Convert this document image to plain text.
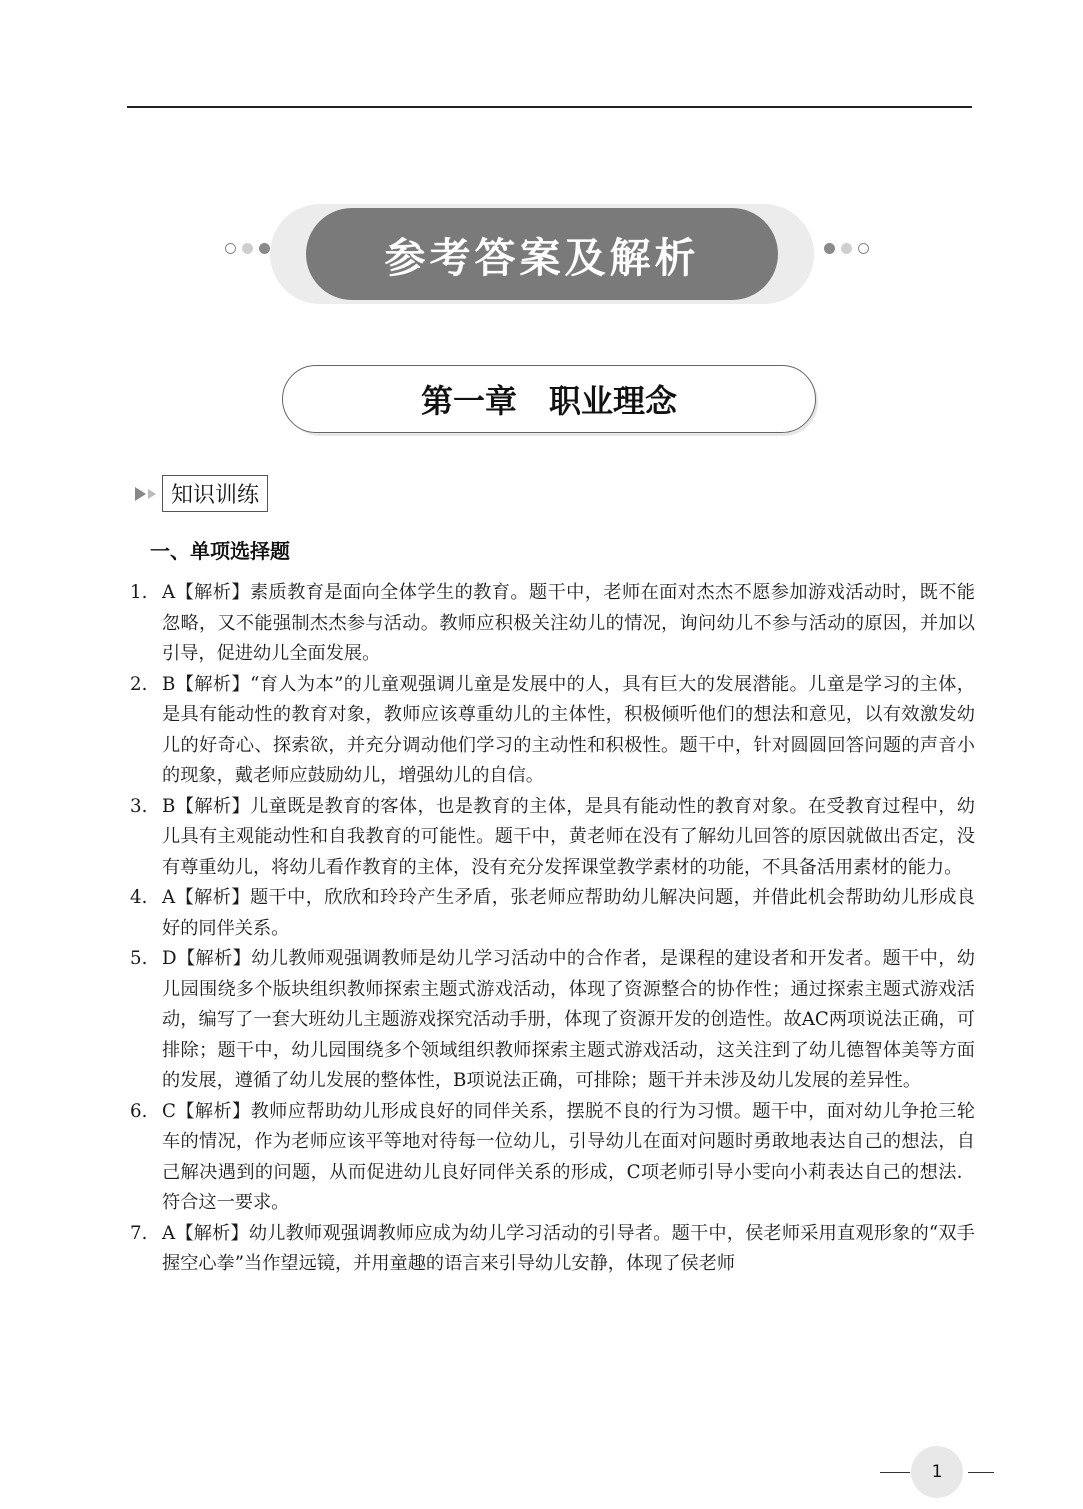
参考答案及解析
第一章　职业理念
知识训练
一、单项选择题
1. A【解析】素质教育是面向全体学生的教育。题干中，老师在面对杰杰不愿参加游戏活动时，既不能忽略，又不能强制杰杰参与活动。教师应积极关注幼儿的情况，询问幼儿不参与活动的原因，并加以引导，促进幼儿全面发展。
2. B【解析】“育人为本”的儿童观强调儿童是发展中的人，具有巨大的发展潜能。儿童是学习的主体，是具有能动性的教育对象，教师应该尊重幼儿的主体性，积极倾听他们的想法和意见，以有效激发幼儿的好奇心、探索欲，并充分调动他们学习的主动性和积极性。题干中，针对圆圆回答问题的声音小的现象，戴老师应鼓励幼儿，增强幼儿的自信。
3. B【解析】儿童既是教育的客体，也是教育的主体，是具有能动性的教育对象。在受教育过程中，幼儿具有主观能动性和自我教育的可能性。题干中，黄老师在没有了解幼儿回答的原因就做出否定，没有尊重幼儿，将幼儿看作教育的主体，没有充分发挥课堂教学素材的功能，不具备活用素材的能力。
4. A【解析】题干中，欣欣和玲玲产生矛盾，张老师应帮助幼儿解决问题，并借此机会帮助幼儿形成良好的同伴关系。
5. D【解析】幼儿教师观强调教师是幼儿学习活动中的合作者，是课程的建设者和开发者。题干中，幼儿园围绕多个版块组织教师探索主题式游戏活动，体现了资源整合的协作性；通过探索主题式游戏活动，编写了一套大班幼儿主题游戏探究活动手册，体现了资源开发的创造性。故AC两项说法正确，可排除；题干中，幼儿园围绕多个领域组织教师探索主题式游戏活动，这关注到了幼儿德智体美等方面的发展，遵循了幼儿发展的整体性，B项说法正确，可排除；题干并未涉及幼儿发展的差异性。
6. C【解析】教师应帮助幼儿形成良好的同伴关系，摆脱不良的行为习惯。题干中，面对幼儿争抢三轮车的情况，作为老师应该平等地对待每一位幼儿，引导幼儿在面对问题时勇敢地表达自己的想法，自己解决遇到的问题，从而促进幼儿良好同伴关系的形成，C项老师引导小雯向小莉表达自己的想法．符合这一要求。
7. A【解析】幼儿教师观强调教师应成为幼儿学习活动的引导者。题干中，侯老师采用直观形象的“双手握空心拳”当作望远镜，并用童趣的语言来引导幼儿安静，体现了侯老师
1
